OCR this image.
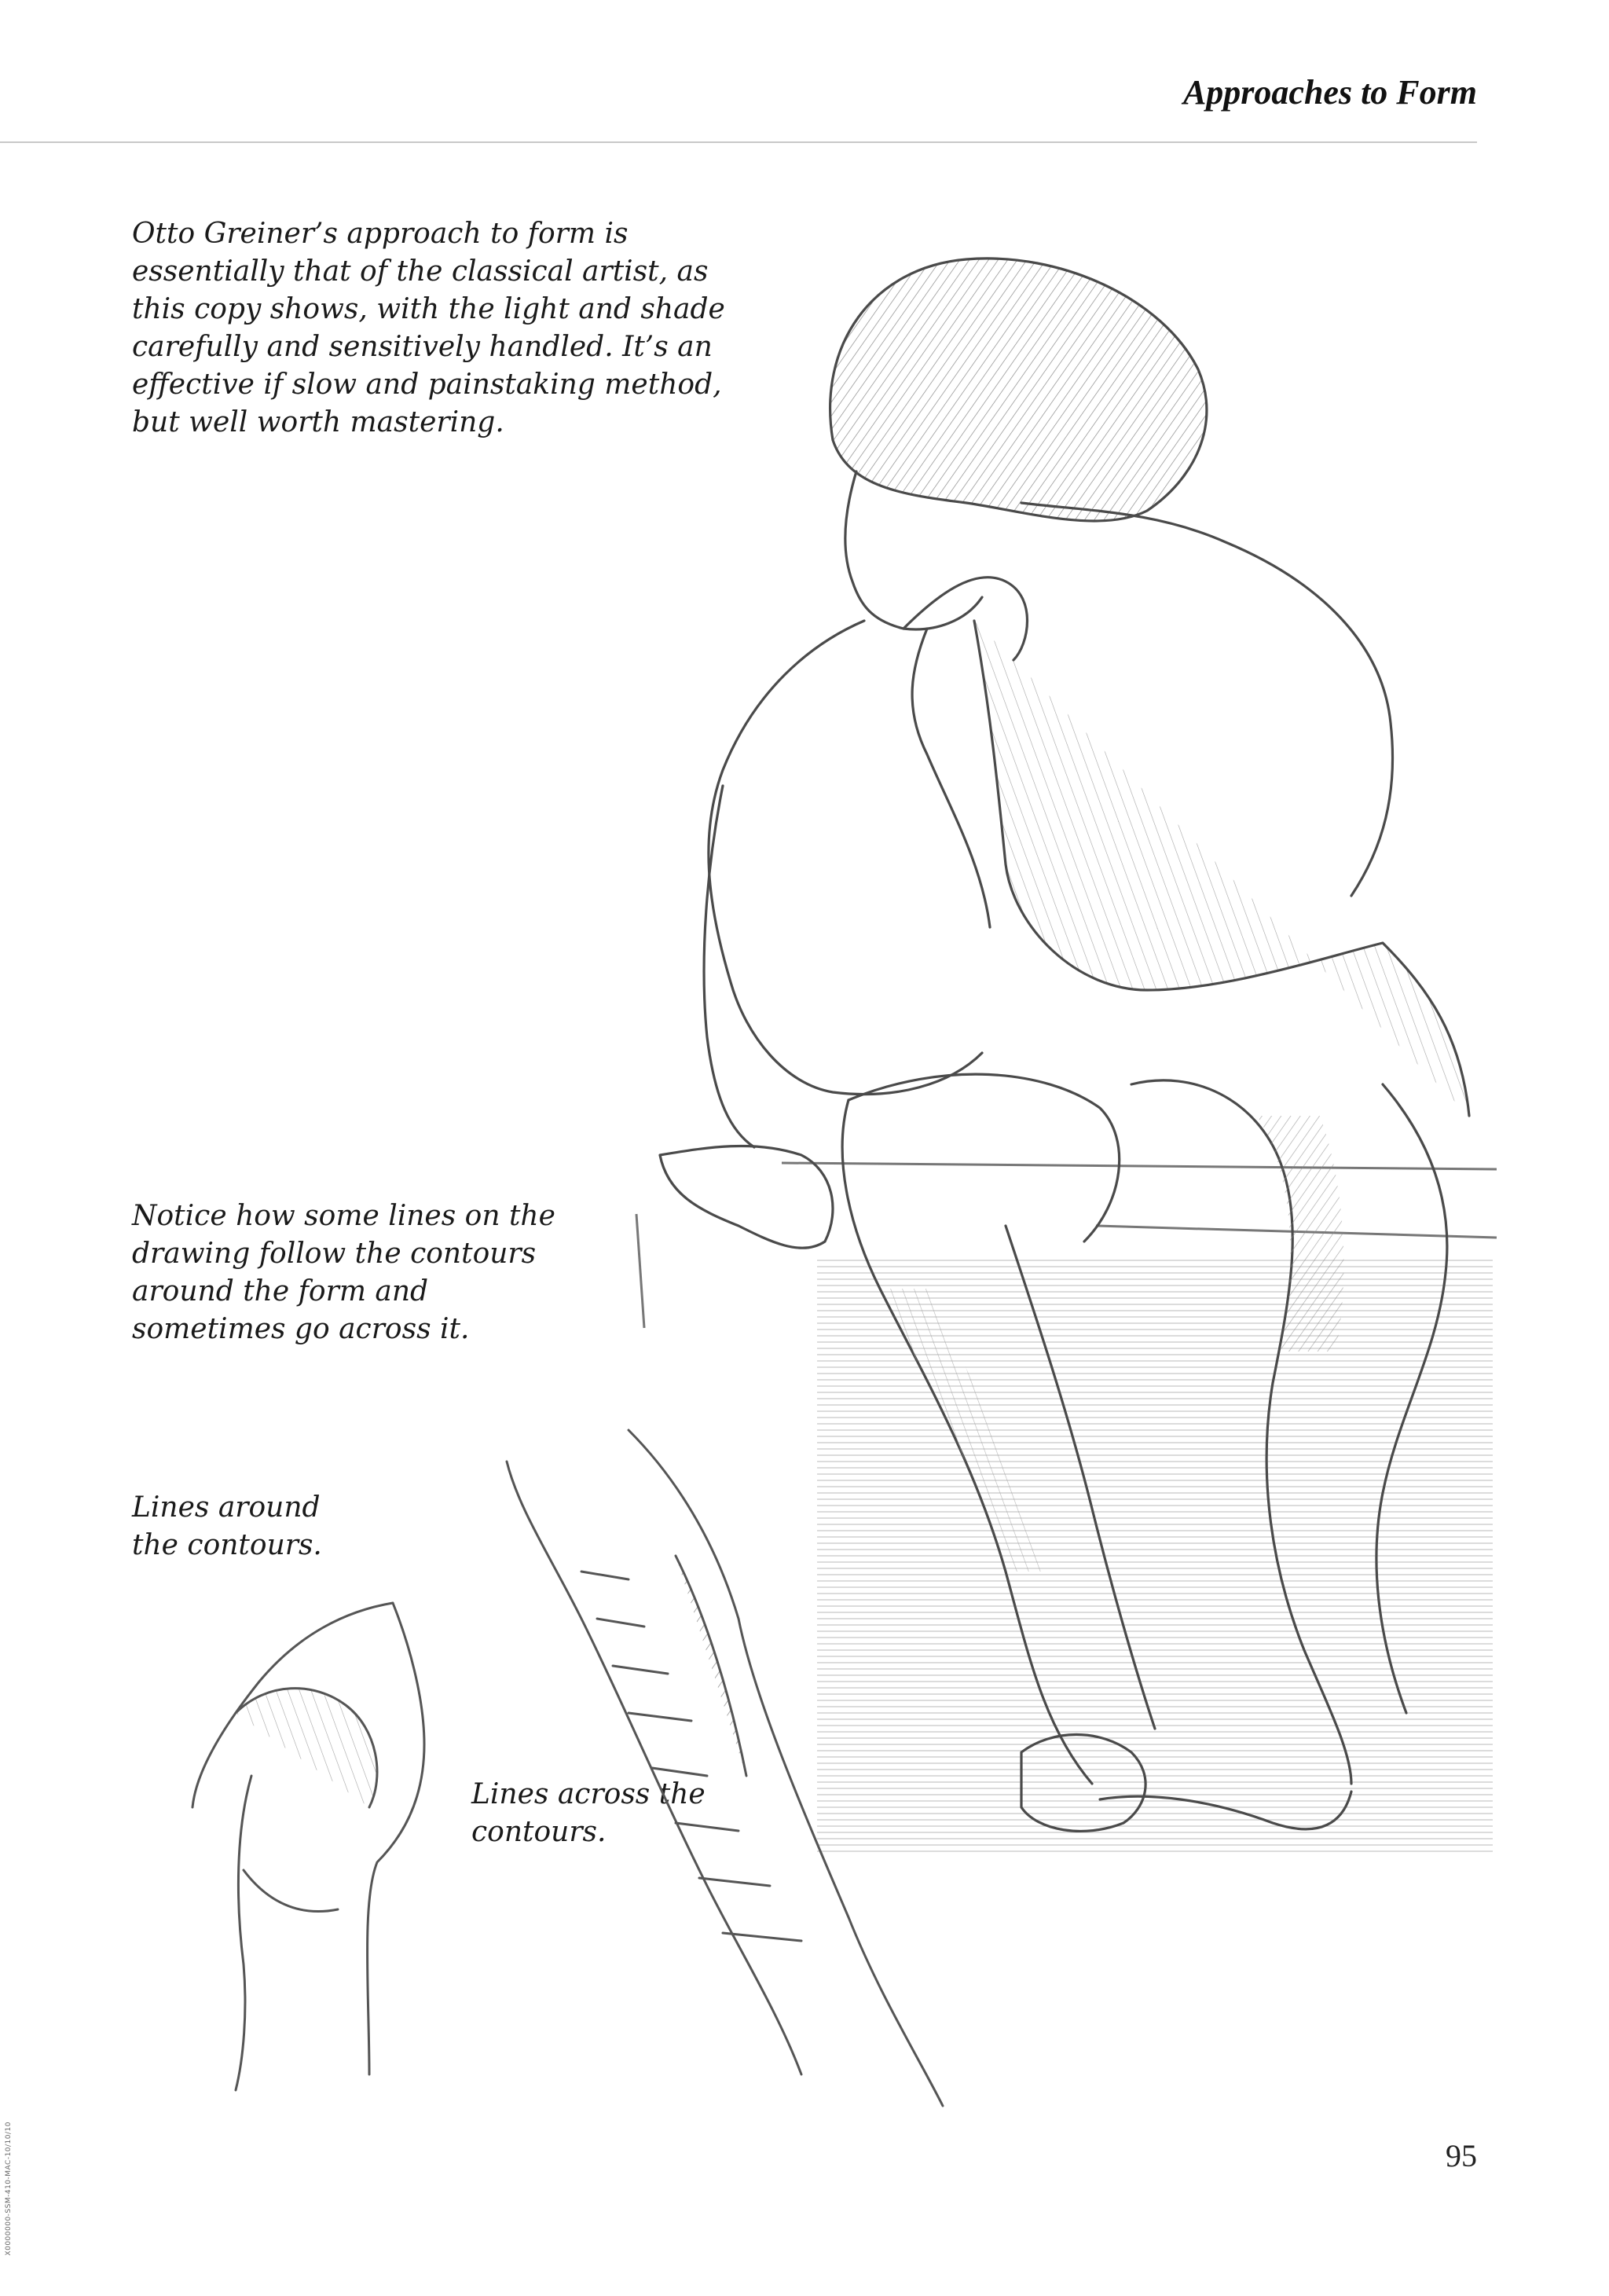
Approaches to Form

Otto Greiner’s approach to form is essentially that of the classical artist, as this copy shows, with the light and shade carefully and sensitively handled. It’s an effective if slow and painstaking method, but well worth mastering.

Notice how some lines on the drawing follow the contours around the form and sometimes go across it.

Lines around the contours.

Lines across the contours.

95
X0000000-SSM-410-MAC-10/10/10
